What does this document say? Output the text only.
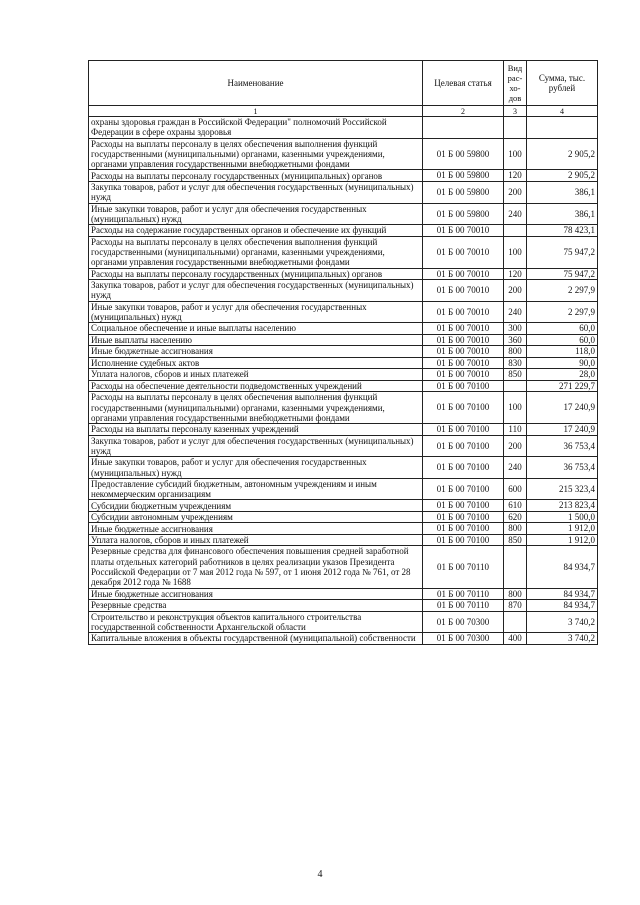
Наименование	Целевая статья	Вид рас-хо-дов	Сумма, тыс. рублей
1	2	3	4
охраны здоровья граждан в Российской Федерации" полномочий Российской Федерации в сфере охраны здоровья			
Расходы на выплаты персоналу в целях обеспечения выполнения функций государственными (муниципальными) органами, казенными учреждениями, органами управления государственными внебюджетными фондами	01 Б 00 59800	100	2 905,2
Расходы на выплаты персоналу государственных (муниципальных) органов	01 Б 00 59800	120	2 905,2
Закупка товаров, работ и услуг для обеспечения государственных (муниципальных) нужд	01 Б 00 59800	200	386,1
Иные закупки товаров, работ и услуг для обеспечения государственных (муниципальных) нужд	01 Б 00 59800	240	386,1
Расходы на содержание государственных органов и обеспечение их функций	01 Б 00 70010		78 423,1
Расходы на выплаты персоналу в целях обеспечения выполнения функций государственными (муниципальными) органами, казенными учреждениями, органами управления государственными внебюджетными фондами	01 Б 00 70010	100	75 947,2
Расходы на выплаты персоналу государственных (муниципальных) органов	01 Б 00 70010	120	75 947,2
Закупка товаров, работ и услуг для обеспечения государственных (муниципальных) нужд	01 Б 00 70010	200	2 297,9
Иные закупки товаров, работ и услуг для обеспечения государственных (муниципальных) нужд	01 Б 00 70010	240	2 297,9
Социальное обеспечение и иные выплаты населению	01 Б 00 70010	300	60,0
Иные выплаты населению	01 Б 00 70010	360	60,0
Иные бюджетные ассигнования	01 Б 00 70010	800	118,0
Исполнение судебных актов	01 Б 00 70010	830	90,0
Уплата налогов, сборов и иных платежей	01 Б 00 70010	850	28,0
Расходы на обеспечение деятельности подведомственных учреждений	01 Б 00 70100		271 229,7
Расходы на выплаты персоналу в целях обеспечения выполнения функций государственными (муниципальными) органами, казенными учреждениями, органами управления государственными внебюджетными фондами	01 Б 00 70100	100	17 240,9
Расходы на выплаты персоналу казенных учреждений	01 Б 00 70100	110	17 240,9
Закупка товаров, работ и услуг для обеспечения государственных (муниципальных) нужд	01 Б 00 70100	200	36 753,4
Иные закупки товаров, работ и услуг для обеспечения государственных (муниципальных) нужд	01 Б 00 70100	240	36 753,4
Предоставление субсидий бюджетным, автономным учреждениям и иным некоммерческим организациям	01 Б 00 70100	600	215 323,4
Субсидии бюджетным учреждениям	01 Б 00 70100	610	213 823,4
Субсидии автономным учреждениям	01 Б 00 70100	620	1 500,0
Иные бюджетные ассигнования	01 Б 00 70100	800	1 912,0
Уплата налогов, сборов и иных платежей	01 Б 00 70100	850	1 912,0
Резервные средства для финансового обеспечения повышения средней заработной платы отдельных категорий работников в целях реализации указов Президента Российской Федерации от 7 мая 2012 года № 597, от 1 июня 2012 года № 761, от 28 декабря 2012 года № 1688	01 Б 00 70110		84 934,7
Иные бюджетные ассигнования	01 Б 00 70110	800	84 934,7
Резервные средства	01 Б 00 70110	870	84 934,7
Строительство и реконструкция объектов капитального строительства государственной собственности Архангельской области	01 Б 00 70300		3 740,2
Капитальные вложения в объекты государственной (муниципальной) собственности	01 Б 00 70300	400	3 740,2
4
